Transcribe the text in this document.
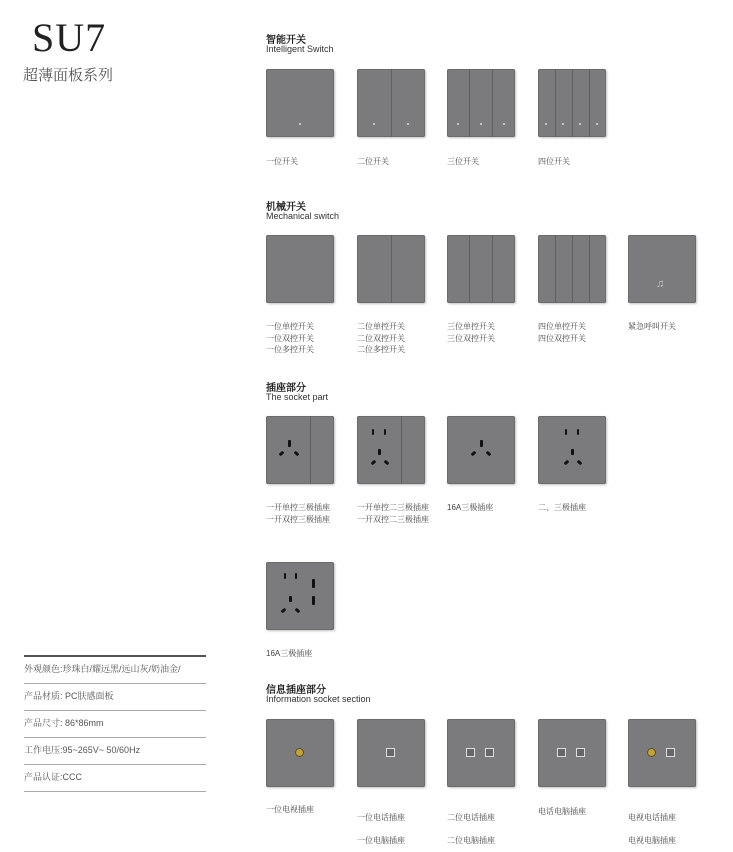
SU7
超薄面板系列
外观颜色:珍珠白/耀远黑/远山灰/奶油金/
产品材质: PC肤感面板
产品尺寸: 86*86mm
工作电压:95~265V~ 50/60Hz
产品认证:CCC
智能开关
Intelligent Switch
一位开关	二位开关	三位开关	四位开关
机械开关
Mechanical switch
♫
一位单控开关
一位双控开关
一位多控开关
二位单控开关
二位双控开关
二位多控开关
三位单控开关
三位双控开关
四位单控开关
四位双控开关
紧急呼叫开关
插座部分
The socket part
一开单控三极插座
一开双控三极插座
一开单控二三极插座
一开双控二三极插座
16A三极插座	二、三极插座
16A三极插座
信息插座部分
Information socket section
一位电视插座
一位电话插座
一位电脑插座
二位电话插座
二位电脑插座
电话电脑插座
电视电话插座
电视电脑插座
